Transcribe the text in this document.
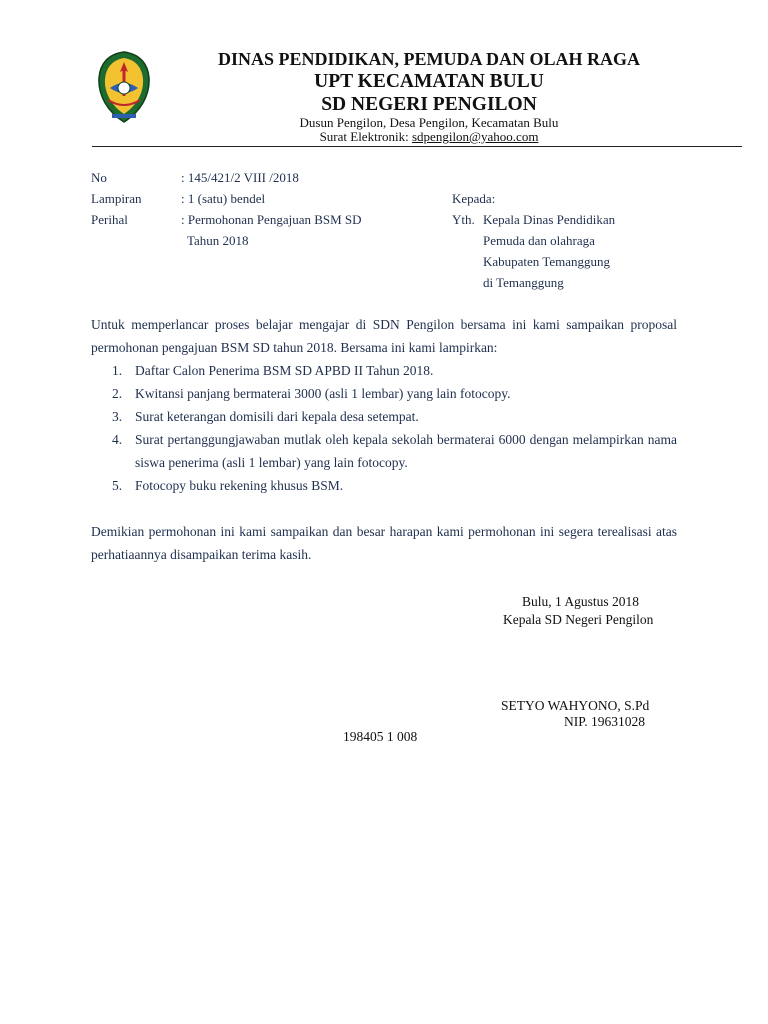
DINAS PENDIDIKAN, PEMUDA DAN OLAH RAGA
UPT KECAMATAN BULU
SD NEGERI PENGILON
Dusun Pengilon, Desa Pengilon, Kecamatan Bulu
Surat Elektronik: sdpengilon@yahoo.com
No	: 145/421/2 VIII /2018
Lampiran	: 1 (satu) bendel
Perihal	: Permohonan Pengajuan BSM SD
Tahun 2018
Kepada:
Yth. Kepala Dinas Pendidikan
Pemuda dan olahraga
Kabupaten Temanggung
di Temanggung

Untuk memperlancar proses belajar mengajar di SDN Pengilon bersama ini kami sampaikan proposal permohonan pengajuan BSM SD tahun 2018. Bersama ini kami lampirkan:

1. Daftar Calon Penerima BSM SD APBD II Tahun 2018.
2. Kwitansi panjang bermaterai 3000 (asli 1 lembar) yang lain fotocopy.
3. Surat keterangan domisili dari kepala desa setempat.
4. Surat pertanggungjawaban mutlak oleh kepala sekolah bermaterai 6000 dengan melampirkan nama siswa penerima (asli 1 lembar) yang lain fotocopy.
5. Fotocopy buku rekening khusus BSM.

Demikian permohonan ini kami sampaikan dan besar harapan kami permohonan ini segera terealisasi atas perhatiaannya disampaikan terima kasih.

Bulu, 1 Agustus 2018
Kepala SD Negeri Pengilon
SETYO WAHYONO, S.Pd
NIP. 19631028
198405 1 008
